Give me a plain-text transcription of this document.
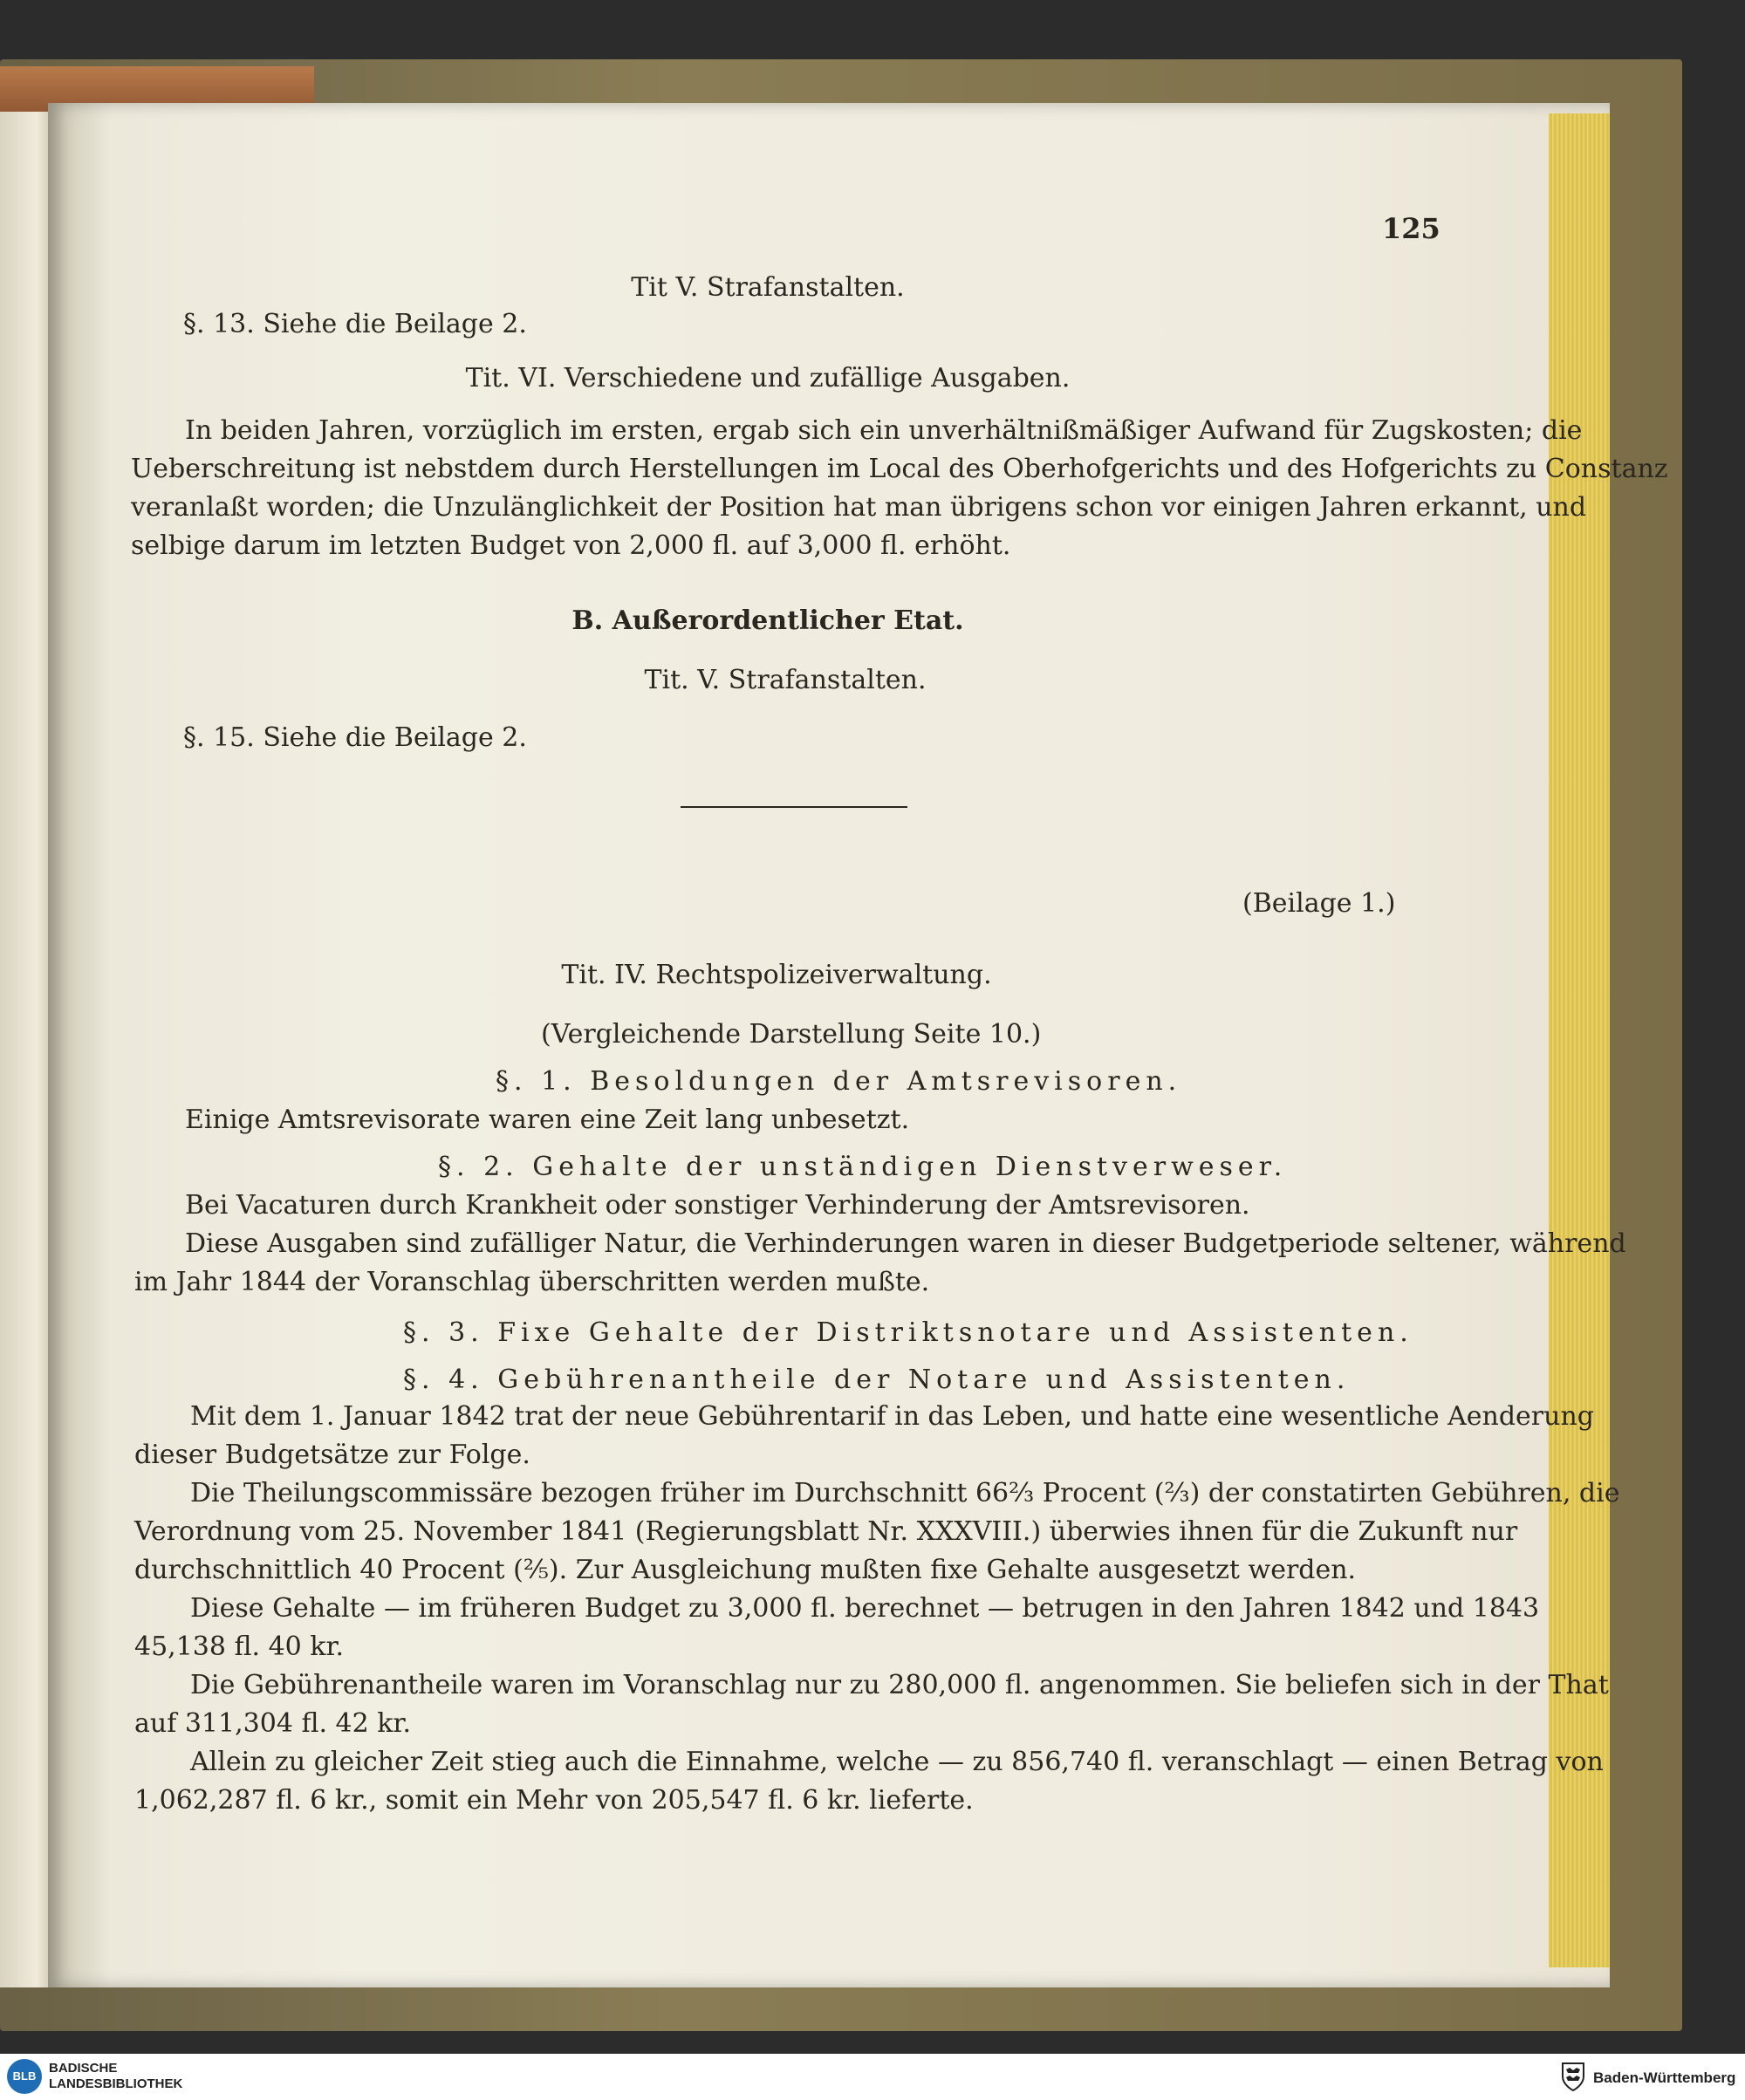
125
Tit V. Strafanstalten.
§. 13. Siehe die Beilage 2.
Tit. VI. Verschiedene und zufällige Ausgaben.
In beiden Jahren, vorzüglich im ersten, ergab sich ein unverhältnißmäßiger Aufwand für Zugskosten; die
Ueberschreitung ist nebstdem durch Herstellungen im Local des Oberhofgerichts und des Hofgerichts zu Constanz
veranlaßt worden; die Unzulänglichkeit der Position hat man übrigens schon vor einigen Jahren erkannt, und
selbige darum im letzten Budget von 2,000 fl. auf 3,000 fl. erhöht.
B. Außerordentlicher Etat.
Tit. V. Strafanstalten.
§. 15. Siehe die Beilage 2.
(Beilage 1.)
Tit. IV. Rechtspolizeiverwaltung.
(Vergleichende Darstellung Seite 10.)
§. 1. Besoldungen der Amtsrevisoren.
Einige Amtsrevisorate waren eine Zeit lang unbesetzt.
§. 2. Gehalte der unständigen Dienstverweser.
Bei Vacaturen durch Krankheit oder sonstiger Verhinderung der Amtsrevisoren.
Diese Ausgaben sind zufälliger Natur, die Verhinderungen waren in dieser Budgetperiode seltener, während
im Jahr 1844 der Voranschlag überschritten werden mußte.
§. 3. Fixe Gehalte der Distriktsnotare und Assistenten.
§. 4. Gebührenantheile der Notare und Assistenten.
Mit dem 1. Januar 1842 trat der neue Gebührentarif in das Leben, und hatte eine wesentliche Aenderung
dieser Budgetsätze zur Folge.
Die Theilungscommissäre bezogen früher im Durchschnitt 66⅔ Procent (⅔) der constatirten Gebühren, die
Verordnung vom 25. November 1841 (Regierungsblatt Nr. XXXVIII.) überwies ihnen für die Zukunft nur
durchschnittlich 40 Procent (⅖). Zur Ausgleichung mußten fixe Gehalte ausgesetzt werden.
Diese Gehalte — im früheren Budget zu 3,000 fl. berechnet — betrugen in den Jahren 1842 und 1843
45,138 fl. 40 kr.
Die Gebührenantheile waren im Voranschlag nur zu 280,000 fl. angenommen. Sie beliefen sich in der That
auf 311,304 fl. 42 kr.
Allein zu gleicher Zeit stieg auch die Einnahme, welche — zu 856,740 fl. veranschlagt — einen Betrag von
1,062,287 fl. 6 kr., somit ein Mehr von 205,547 fl. 6 kr. lieferte.
BLB
BADISCHE
LANDESBIBLIOTHEK	Baden-Württemberg
